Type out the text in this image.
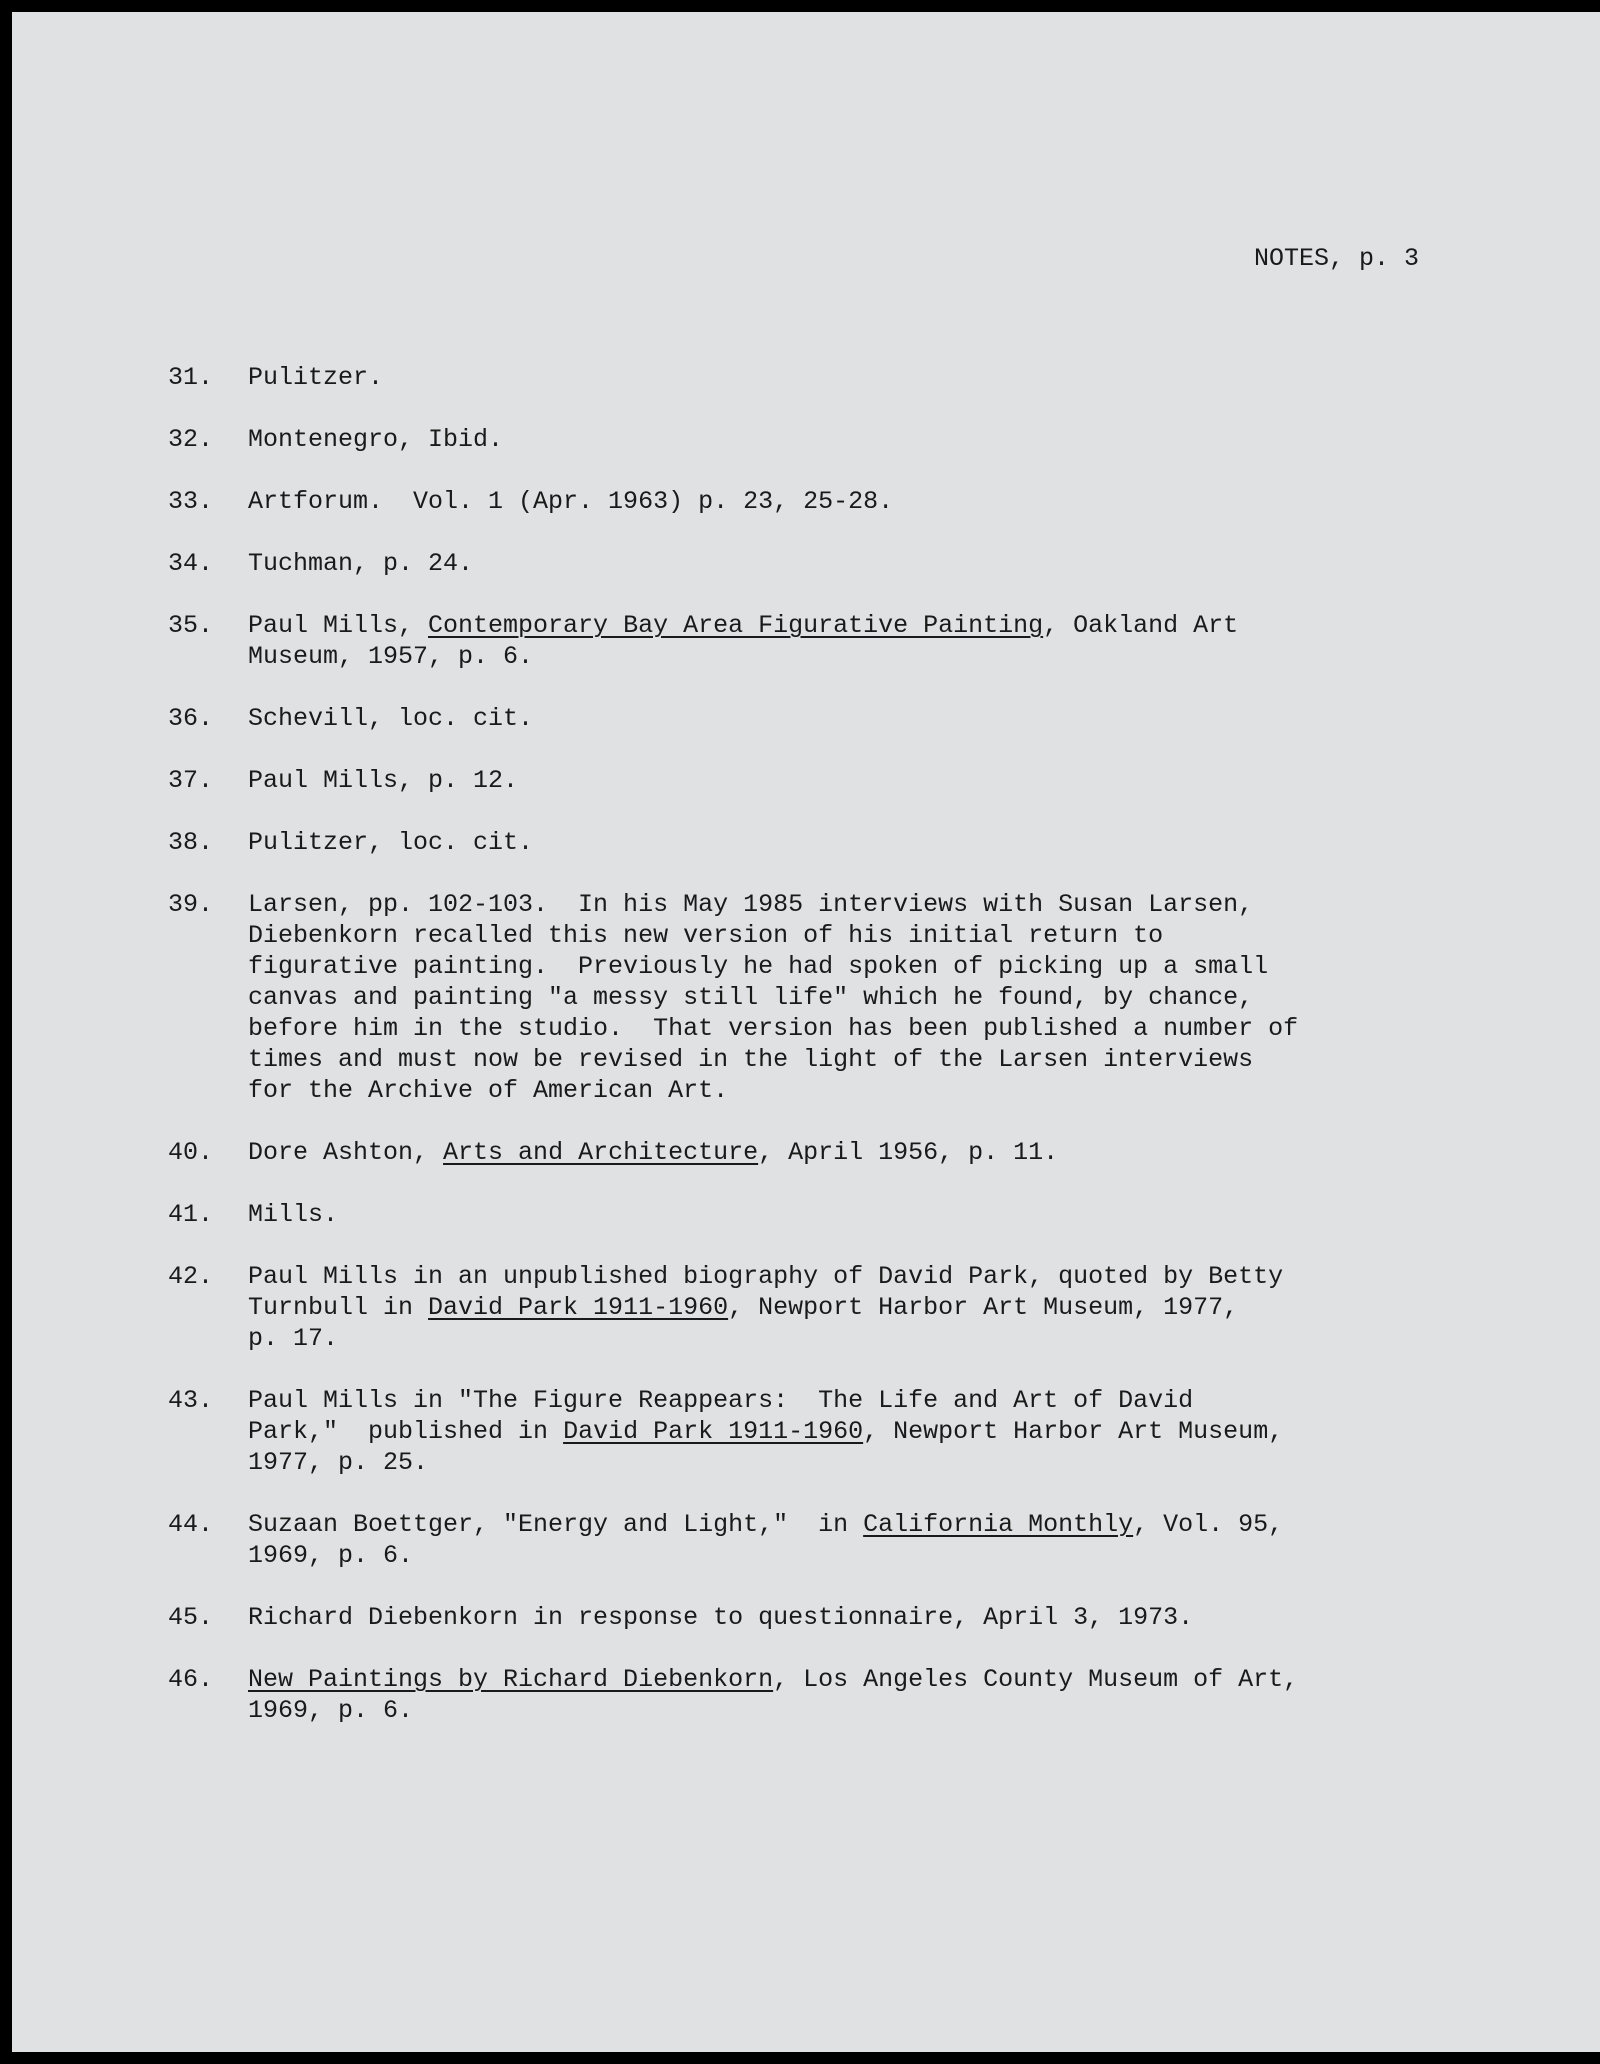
NOTES, p. 3
31.	Pulitzer.
32.	Montenegro, Ibid.
33.	Artforum.  Vol. 1 (Apr. 1963) p. 23, 25-28.
34.	Tuchman, p. 24.
35.	Paul Mills, Contemporary Bay Area Figurative Painting, Oakland Art
Museum, 1957, p. 6.
36.	Schevill, loc. cit.
37.	Paul Mills, p. 12.
38.	Pulitzer, loc. cit.
39.	Larsen, pp. 102-103.  In his May 1985 interviews with Susan Larsen,
Diebenkorn recalled this new version of his initial return to
figurative painting.  Previously he had spoken of picking up a small
canvas and painting "a messy still life" which he found, by chance,
before him in the studio.  That version has been published a number of
times and must now be revised in the light of the Larsen interviews
for the Archive of American Art.
40.	Dore Ashton, Arts and Architecture, April 1956, p. 11.
41.	Mills.
42.	Paul Mills in an unpublished biography of David Park, quoted by Betty
Turnbull in David Park 1911-1960, Newport Harbor Art Museum, 1977,
p. 17.
43.	Paul Mills in "The Figure Reappears:  The Life and Art of David
Park,"  published in David Park 1911-1960, Newport Harbor Art Museum,
1977, p. 25.
44.	Suzaan Boettger, "Energy and Light,"  in California Monthly, Vol. 95,
1969, p. 6.
45.	Richard Diebenkorn in response to questionnaire, April 3, 1973.
46.	New Paintings by Richard Diebenkorn, Los Angeles County Museum of Art,
1969, p. 6.
